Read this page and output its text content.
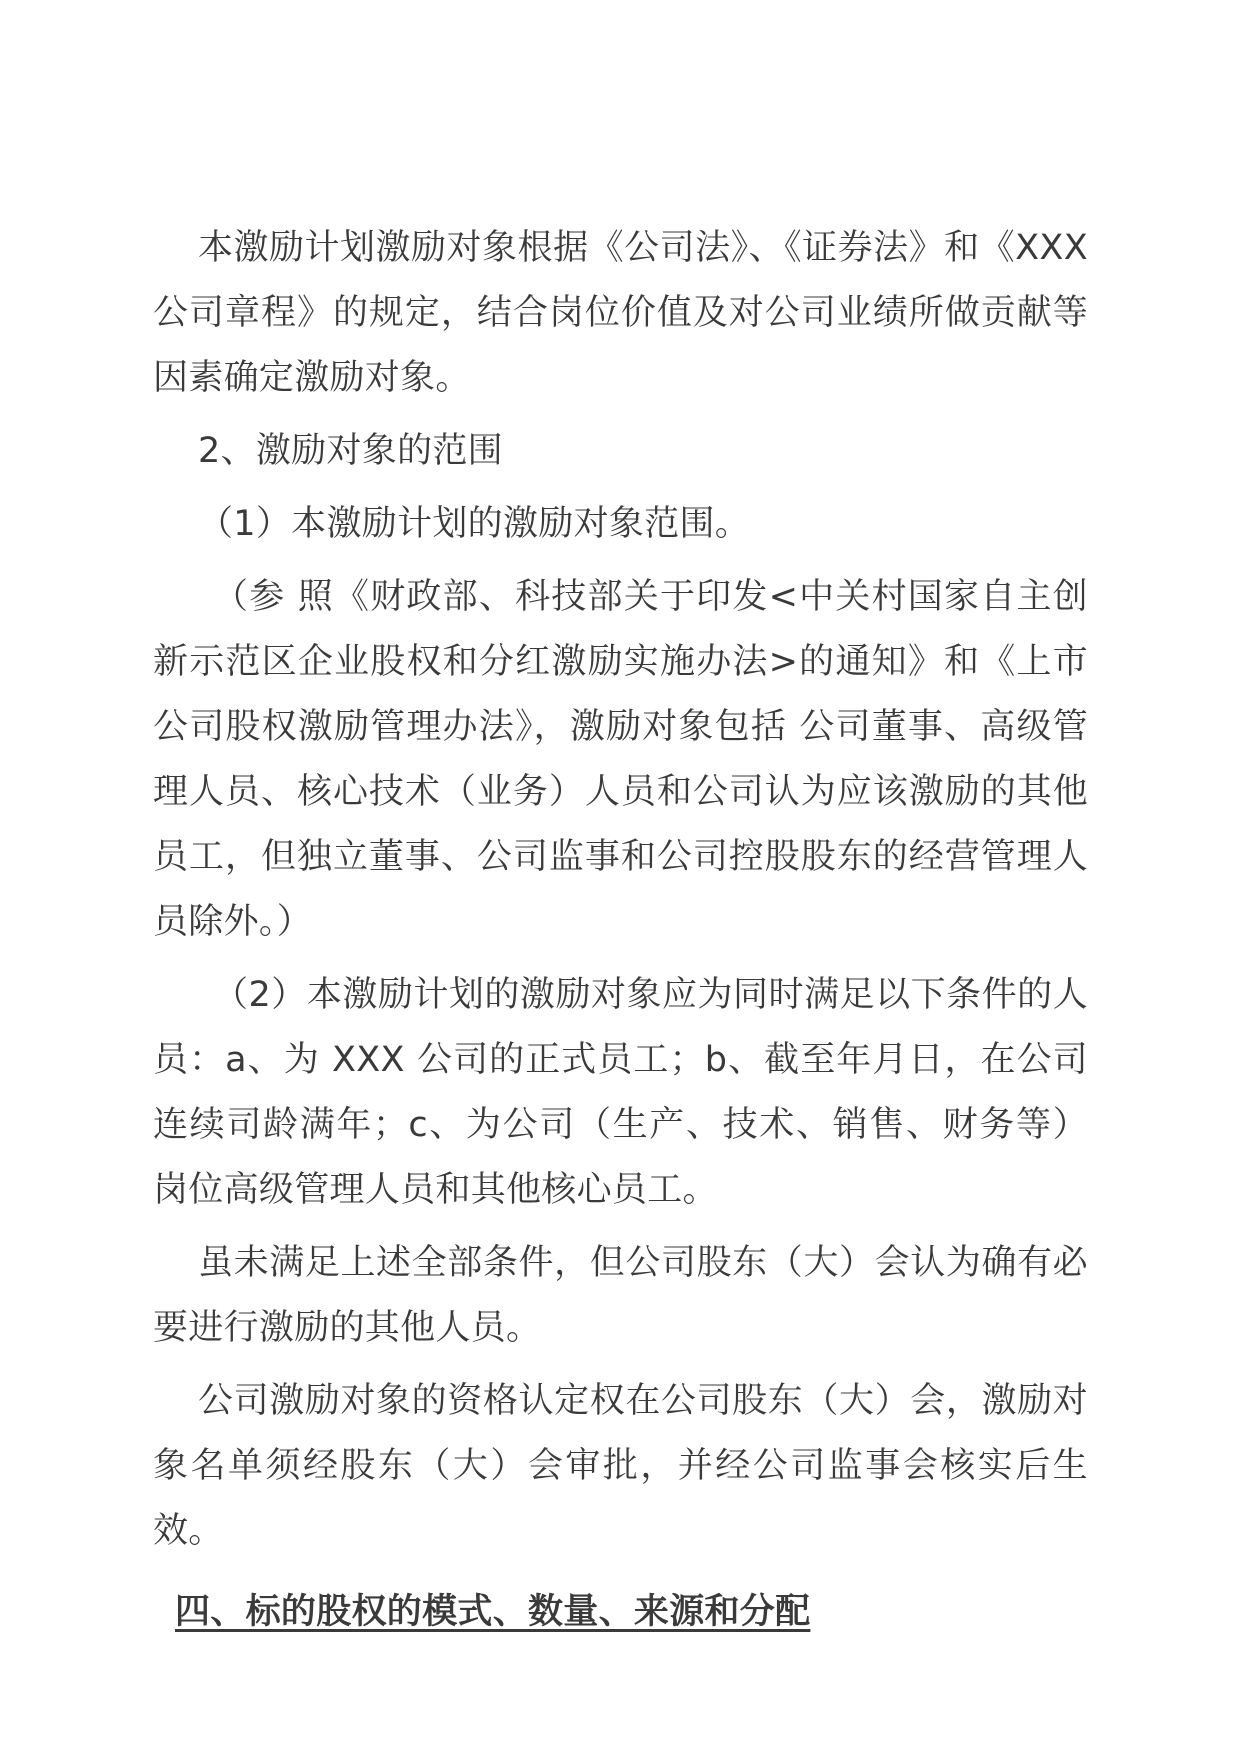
本激励计划激励对象根据《公司法》、《证券法》和《XXX公司章程》的规定，结合岗位价值及对公司业绩所做贡献等因素确定激励对象。

2、激励对象的范围

（1）本激励计划的激励对象范围。

（参 照《财政部、科技部关于印发<中关村国家自主创新示范区企业股权和分红激励实施办法>的通知》和《上市公司股权激励管理办法》，激励对象包括 公司董事、高级管理人员、核心技术（业务）人员和公司认为应该激励的其他员工，但独立董事、公司监事和公司控股股东的经营管理人员除外。）

（2）本激励计划的激励对象应为同时满足以下条件的人员：a、为 XXX 公司的正式员工；b、截至年月日，在公司连续司龄满年；c、为公司（生产、技术、销售、财务等）岗位高级管理人员和其他核心员工。

虽未满足上述全部条件，但公司股东（大）会认为确有必要进行激励的其他人员。

公司激励对象的资格认定权在公司股东（大）会，激励对象名单须经股东（大）会审批，并经公司监事会核实后生效。

四、标的股权的模式、数量、来源和分配
